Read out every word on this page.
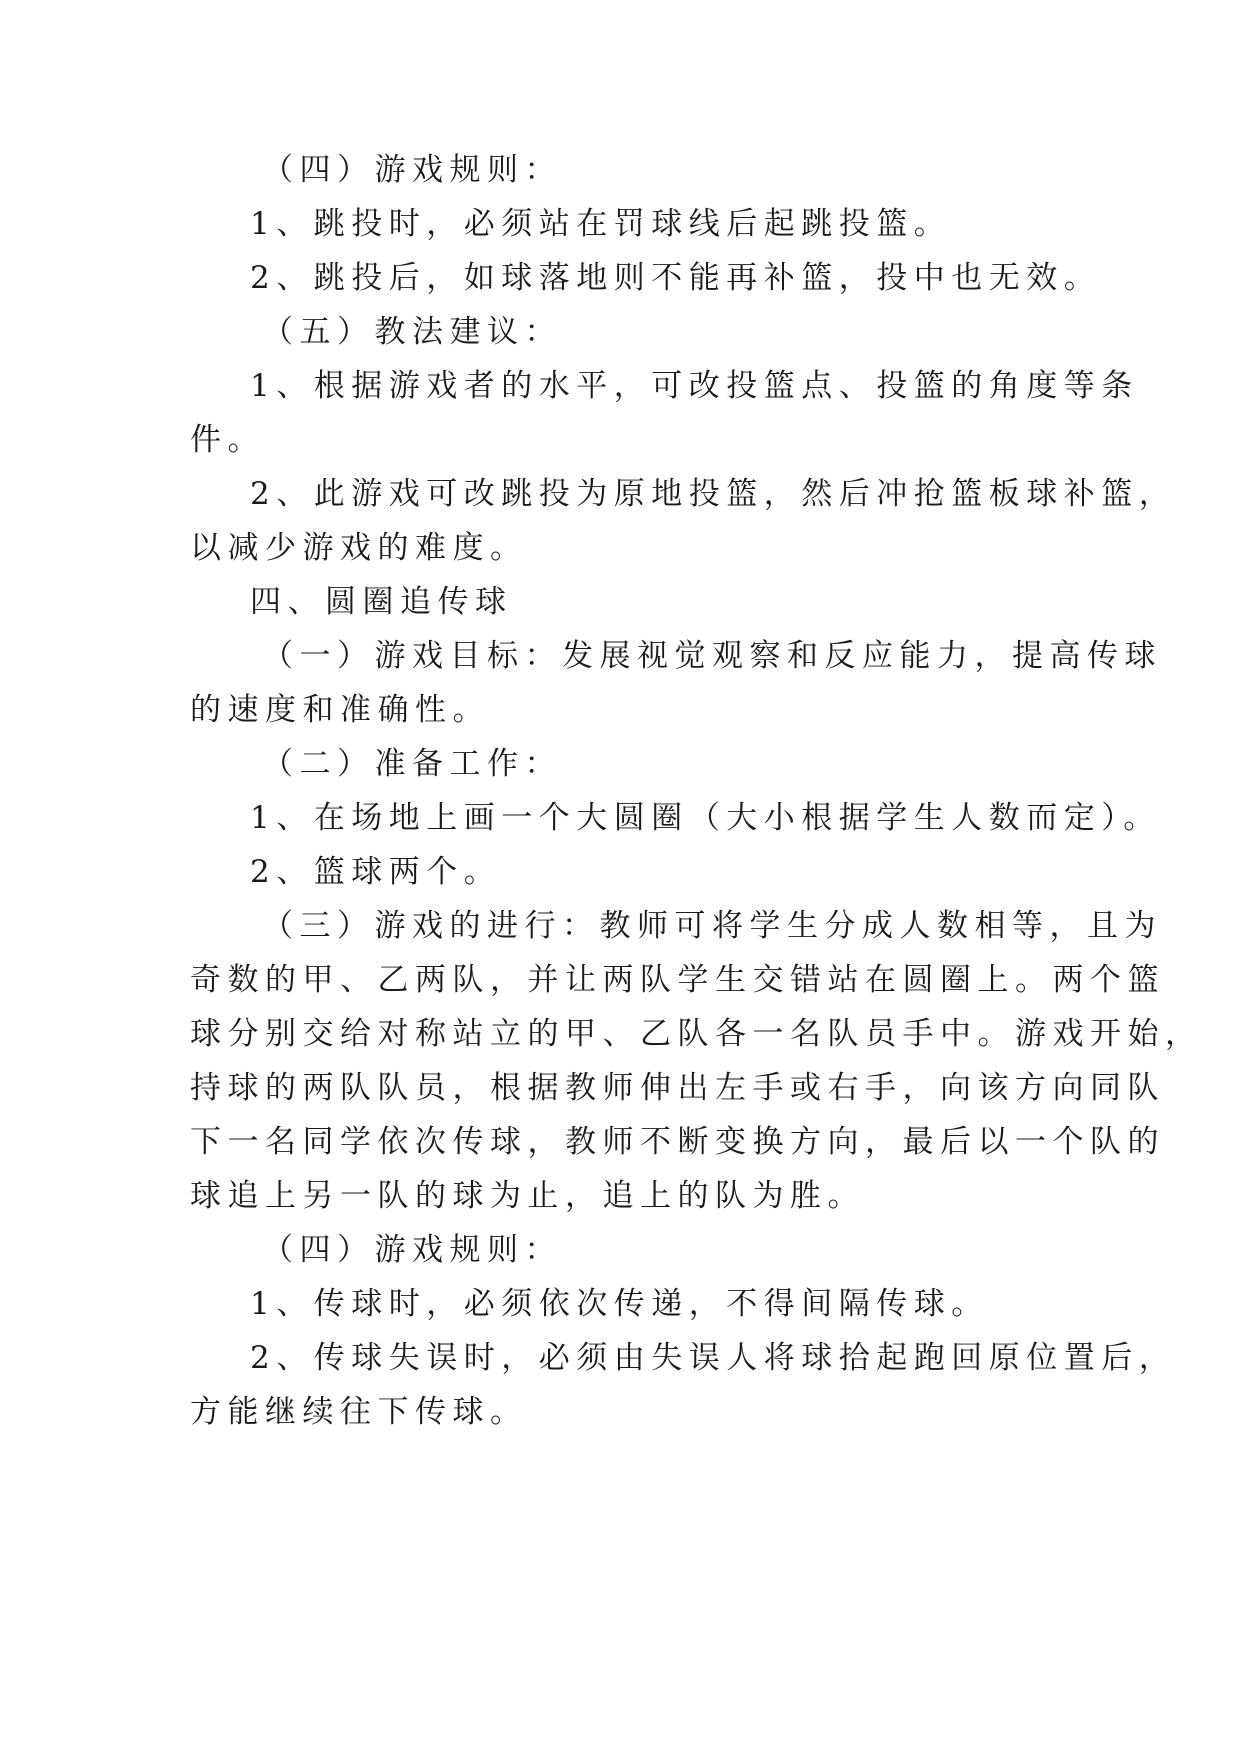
（四）游戏规则：
1、跳投时，必须站在罚球线后起跳投篮。
2、跳投后，如球落地则不能再补篮，投中也无效。
（五）教法建议：
1、根据游戏者的水平，可改投篮点、投篮的角度等条
件。
2、此游戏可改跳投为原地投篮，然后冲抢篮板球补篮，
以减少游戏的难度。
四、圆圈追传球
（一）游戏目标：发展视觉观察和反应能力，提高传球
的速度和准确性。
（二）准备工作：
1、在场地上画一个大圆圈（大小根据学生人数而定）。
2、篮球两个。
（三）游戏的进行：教师可将学生分成人数相等，且为
奇数的甲、乙两队，并让两队学生交错站在圆圈上。两个篮
球分别交给对称站立的甲、乙队各一名队员手中。游戏开始，
持球的两队队员，根据教师伸出左手或右手，向该方向同队
下一名同学依次传球，教师不断变换方向，最后以一个队的
球追上另一队的球为止，追上的队为胜。
（四）游戏规则：
1、传球时，必须依次传递，不得间隔传球。
2、传球失误时，必须由失误人将球拾起跑回原位置后，
方能继续往下传球。
